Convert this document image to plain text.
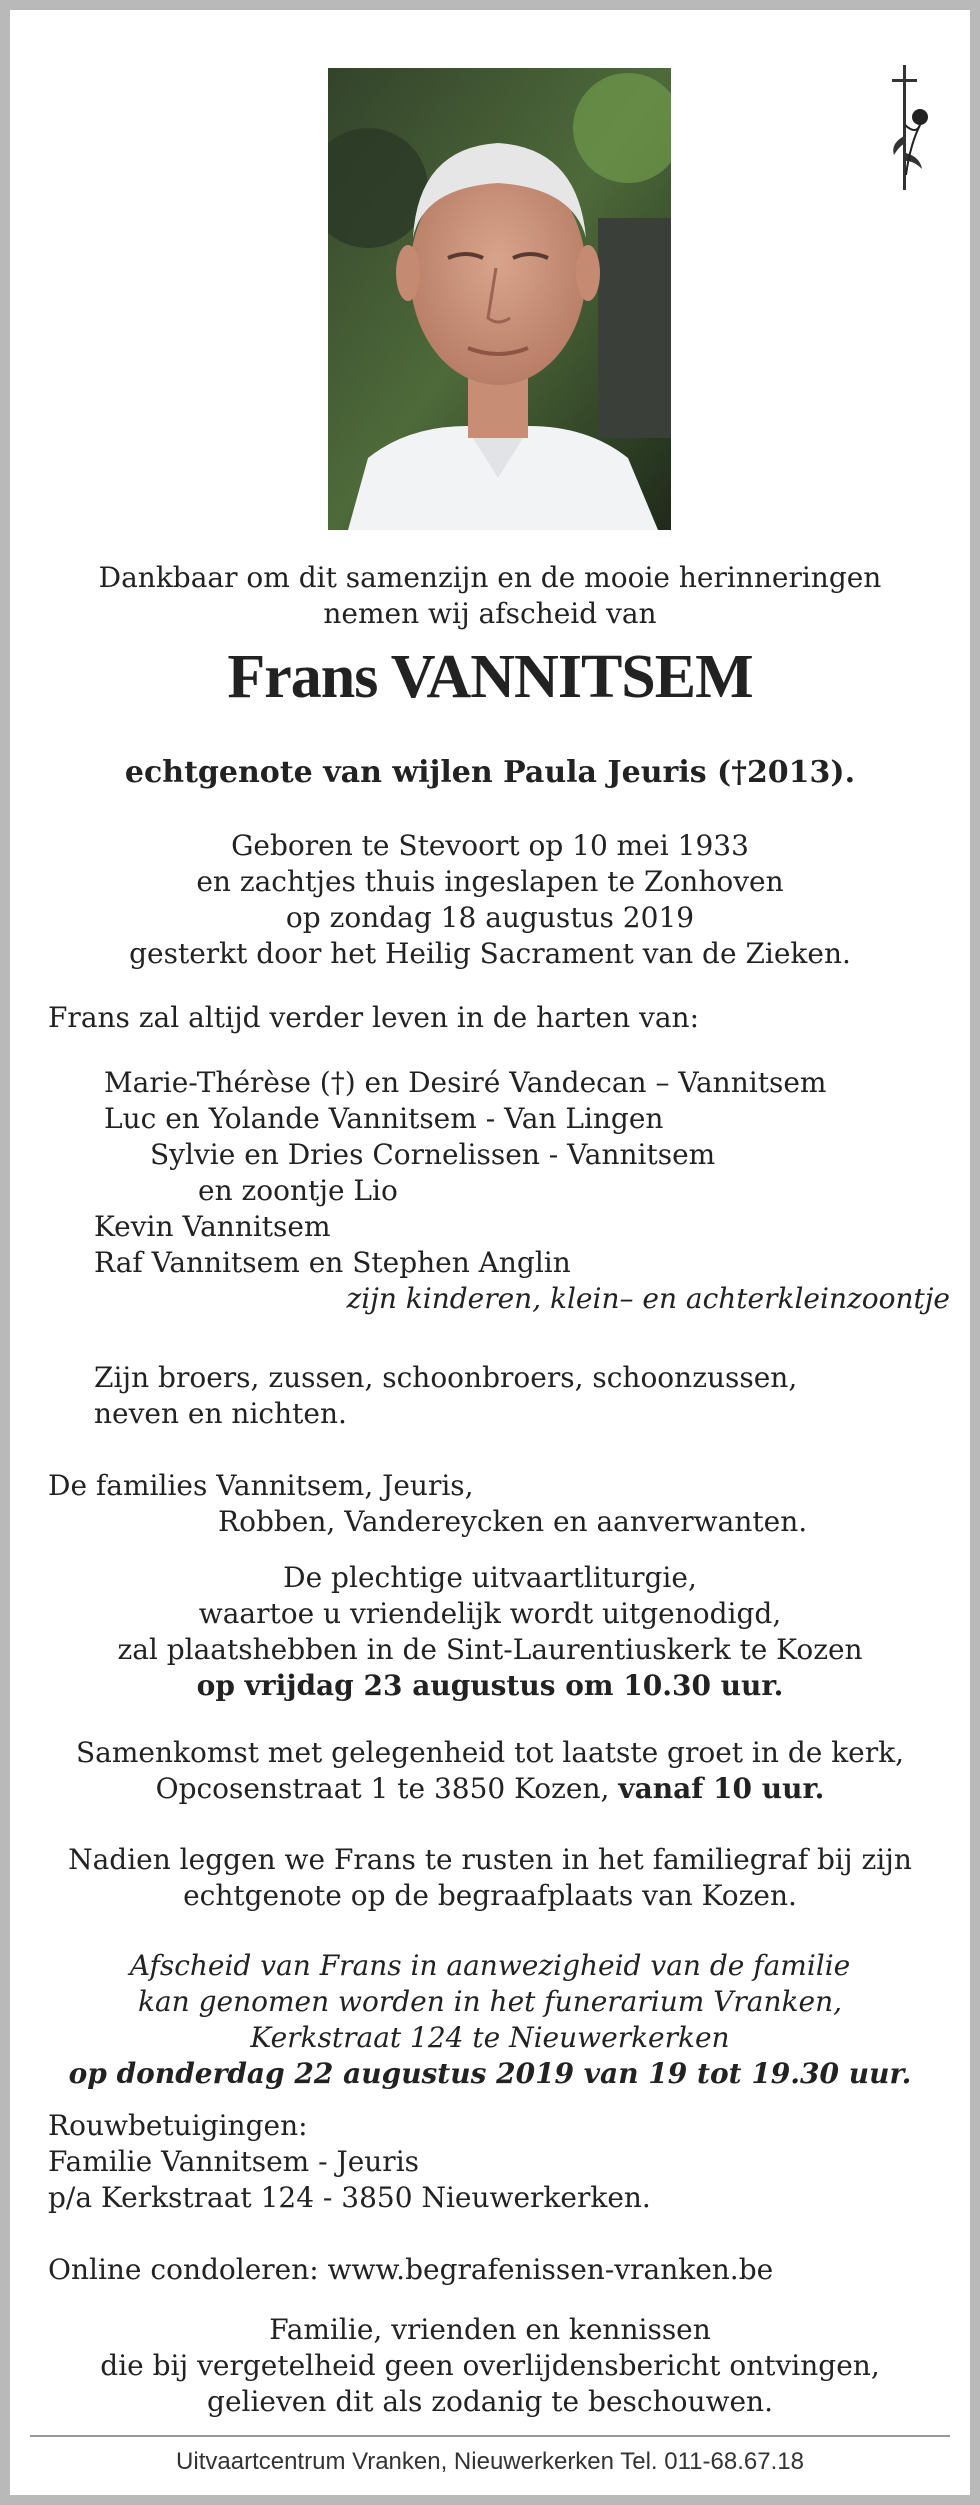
Dankbaar om dit samenzijn en de mooie herinneringen
nemen wij afscheid van
Frans VANNITSEM
echtgenote van wijlen Paula Jeuris (†2013).
Geboren te Stevoort op 10 mei 1933
en zachtjes thuis ingeslapen te Zonhoven
op zondag 18 augustus 2019
gesterkt door het Heilig Sacrament van de Zieken.
Frans zal altijd verder leven in de harten van:
Marie-Thérèse (†) en Desiré Vandecan – Vannitsem
Luc en Yolande Vannitsem - Van Lingen
Sylvie en Dries Cornelissen - Vannitsem
en zoontje Lio
Kevin Vannitsem
Raf Vannitsem en Stephen Anglin
zijn kinderen, klein– en achterkleinzoontje
Zijn broers, zussen, schoonbroers, schoonzussen,
neven en nichten.
De families Vannitsem, Jeuris,
Robben, Vandereycken en aanverwanten.
De plechtige uitvaartliturgie,
waartoe u vriendelijk wordt uitgenodigd,
zal plaatshebben in de Sint-Laurentiuskerk te Kozen
op vrijdag 23 augustus om 10.30 uur.
Samenkomst met gelegenheid tot laatste groet in de kerk,
Opcosenstraat 1 te 3850 Kozen, vanaf 10 uur.
Nadien leggen we Frans te rusten in het familiegraf bij zijn
echtgenote op de begraafplaats van Kozen.
Afscheid van Frans in aanwezigheid van de familie
kan genomen worden in het funerarium Vranken,
Kerkstraat 124 te Nieuwerkerken
op donderdag 22 augustus 2019 van 19 tot 19.30 uur.
Rouwbetuigingen:
Familie Vannitsem - Jeuris
p/a Kerkstraat 124 - 3850 Nieuwerkerken.
Online condoleren: www.begrafenissen-vranken.be
Familie, vrienden en kennissen
die bij vergetelheid geen overlijdensbericht ontvingen,
gelieven dit als zodanig te beschouwen.
Uitvaartcentrum Vranken, Nieuwerkerken Tel. 011-68.67.18
